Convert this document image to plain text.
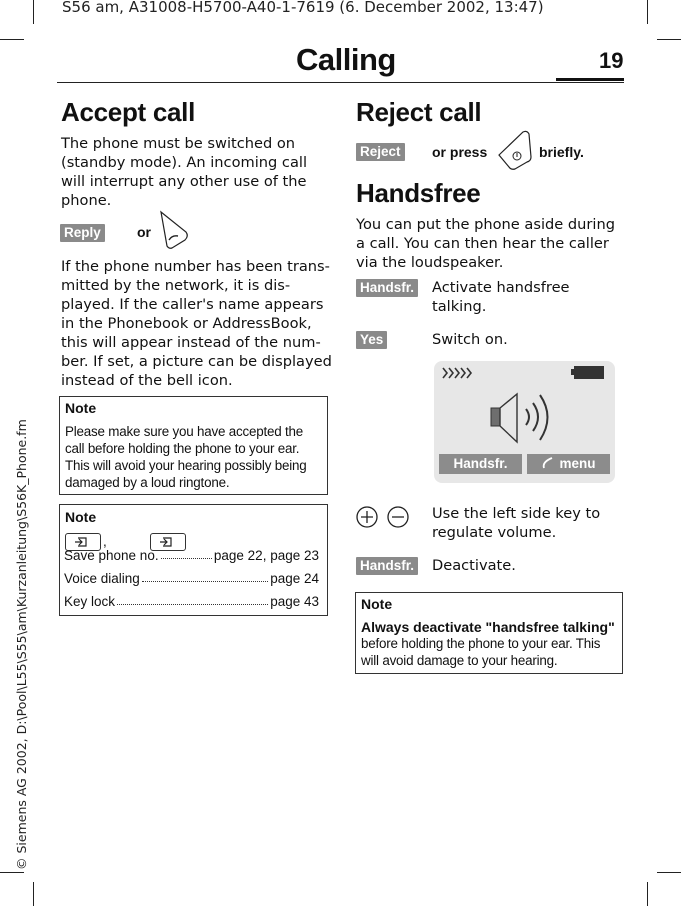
S56 am, A31008-H5700-A40-1-7619 (6. December 2002, 13:47)
© Siemens AG 2002, D:\Pool\L55\S55\am\Kurzanleitung\S56K_Phone.fm
Calling	19
Accept call
The phone must be switched on
(standby mode). An incoming call
will interrupt any other use of the
phone.
Reply	or
If the phone number has been trans-
mitted by the network, it is dis-
played. If the caller's name appears
in the Phonebook or AddressBook,
this will appear instead of the num-
ber. If set, a picture can be displayed
instead of the bell icon.
Note
Please make sure you have accepted the
call before holding the phone to your ear.
This will avoid your hearing possibly being
damaged by a loud ringtone.
Note

,
Save phone no.	page 22, page 23
Voice dialing	page 24
Key lock	page 43
Reject call
Reject or press	briefly.
Handsfree
You can put the phone aside during
a call. You can then hear the caller
via the loudspeaker.
Handsfr. Activate handsfree
talking.
Yes	Switch on.
Handsfr.	menu
Use the left side key to
regulate volume.
Handsfr. Deactivate.
Note
Always deactivate "handsfree talking"
before holding the phone to your ear. This
will avoid damage to your hearing.
